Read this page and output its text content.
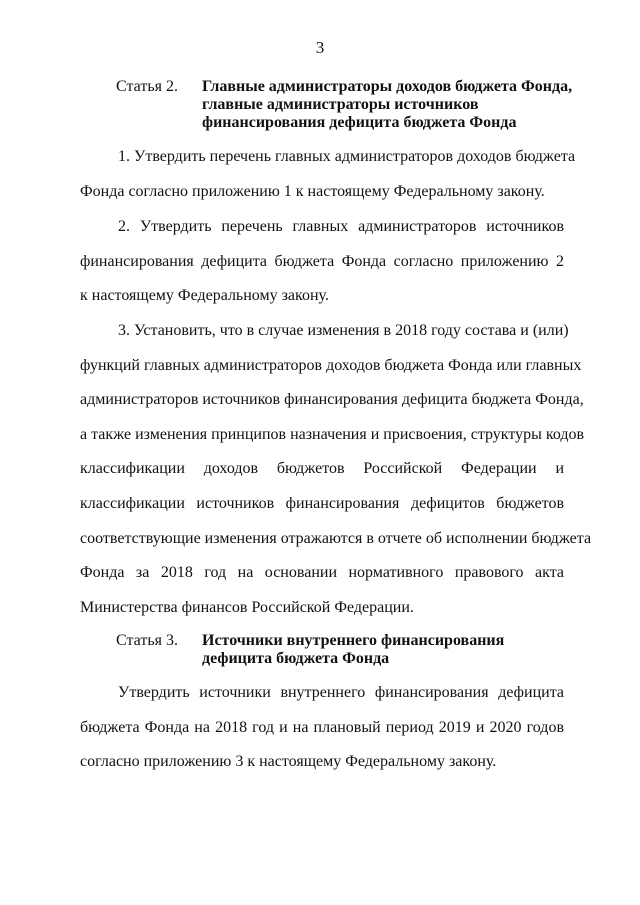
3
Статья 2.	Главные администраторы доходов бюджета Фонда,
главные администраторы источников
финансирования дефицита бюджета Фонда
1. Утвердить перечень главных администраторов доходов бюджета
Фонда согласно приложению 1 к настоящему Федеральному закону.
2. Утвердить перечень главных администраторов источников
финансирования дефицита бюджета Фонда согласно приложению 2
к настоящему Федеральному закону.
3. Установить, что в случае изменения в 2018 году состава и (или)
функций главных администраторов доходов бюджета Фонда или главных
администраторов источников финансирования дефицита бюджета Фонда,
а также изменения принципов назначения и присвоения, структуры кодов
классификации доходов бюджетов Российской Федерации и
классификации источников финансирования дефицитов бюджетов
соответствующие изменения отражаются в отчете об исполнении бюджета
Фонда за 2018 год на основании нормативного правового акта
Министерства финансов Российской Федерации.
Статья 3.	Источники внутреннего финансирования
дефицита бюджета Фонда
Утвердить источники внутреннего финансирования дефицита
бюджета Фонда на 2018 год и на плановый период 2019 и 2020 годов
согласно приложению 3 к настоящему Федеральному закону.
